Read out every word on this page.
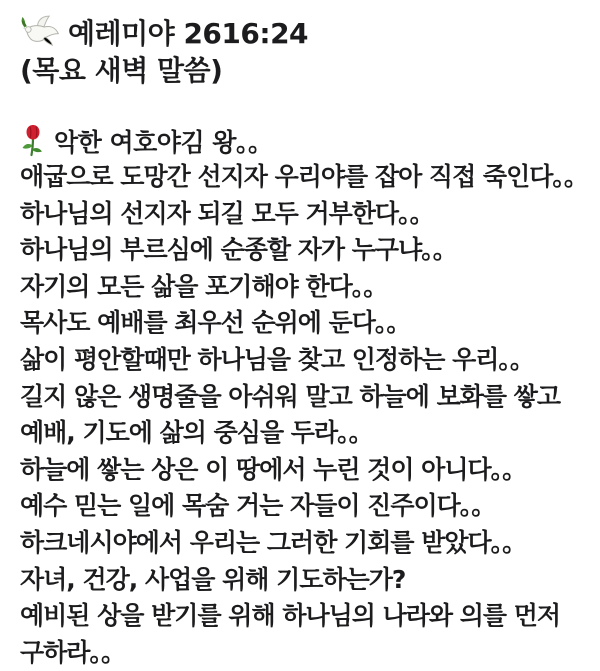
예레미야 2616:24
(목요 새벽 말씀)
악한 여호야김 왕｡｡
애굽으로 도망간 선지자 우리야를 잡아 직접 죽인다｡｡
하나님의 선지자 되길 모두 거부한다｡｡
하나님의 부르심에 순종할 자가 누구냐｡｡
자기의 모든 삶을 포기해야 한다｡｡
목사도 예배를 최우선 순위에 둔다｡｡
삶이 평안할때만 하나님을 찾고 인정하는 우리｡｡
길지 않은 생명줄을 아쉬워 말고 하늘에 보화를 쌓고
예배, 기도에 삶의 중심을 두라｡｡
하늘에 쌓는 상은 이 땅에서 누린 것이 아니다｡｡
예수 믿는 일에 목숨 거는 자들이 진주이다｡｡
하크네시야에서 우리는 그러한 기회를 받았다｡｡
자녀, 건강, 사업을 위해 기도하는가?
예비된 상을 받기를 위해 하나님의 나라와 의를 먼저
구하라｡｡
